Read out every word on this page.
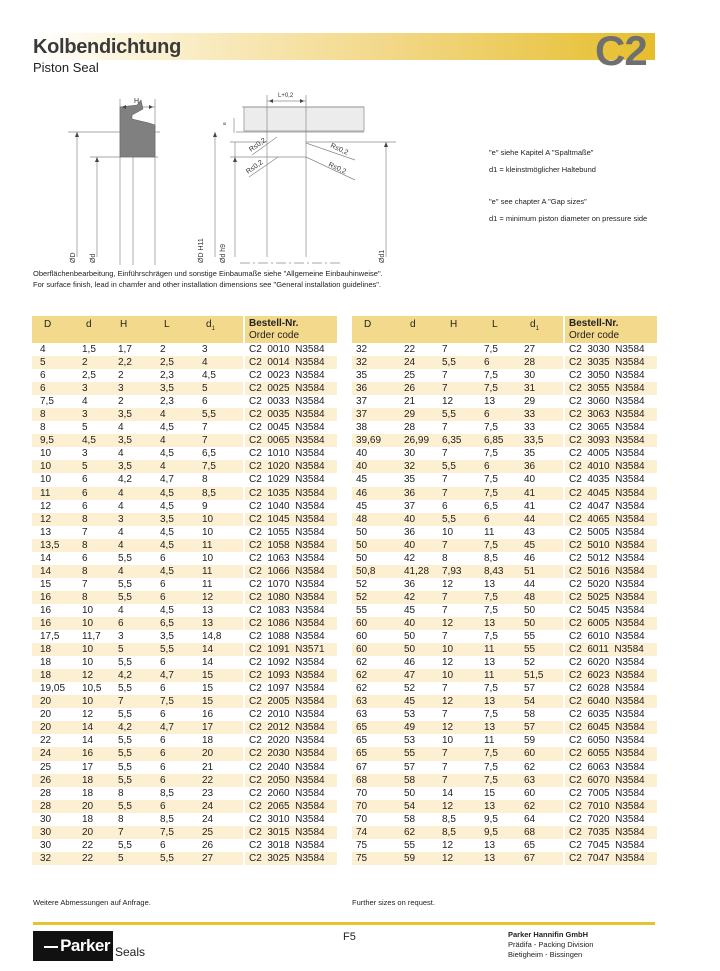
Kolbendichtung
Piston Seal	C2
H
L+0,2
e
R≤0,2
R≤0,2
R≤0,2
R≤0,2
ØD Ød	ØD H11 Ød h9	Ød1

"e" siehe Kapitel A "Spaltmaße"

d1 = kleinstmöglicher Haltebund

"e" see chapter A "Gap sizes"

d1 = minimum piston diameter on pressure side

Oberflächenbearbeitung, Einführschrägen und sonstige Einbaumaße siehe "Allgemeine Einbauhinweise".
For surface finish, lead in chamfer and other installation dimensions see "General installation guidelines".
D	d	H	L	$d_1$	Bestell-Nr.
Order code
4	1,5	1,7	2	3	C2  0010  N3584
5	2	2,2	2,5	4	C2  0014  N3584
6	2,5	2	2,3	4,5	C2  0023  N3584
6	3	3	3,5	5	C2  0025  N3584
7,5	4	2	2,3	6	C2  0033  N3584
8	3	3,5	4	5,5	C2  0035  N3584
8	5	4	4,5	7	C2  0045  N3584
9,5	4,5	3,5	4	7	C2  0065  N3584
10	3	4	4,5	6,5	C2  1010  N3584
10	5	3,5	4	7,5	C2  1020  N3584
10	6	4,2	4,7	8	C2  1029  N3584
11	6	4	4,5	8,5	C2  1035  N3584
12	6	4	4,5	9	C2  1040  N3584
12	8	3	3,5	10	C2  1045  N3584
13	7	4	4,5	10	C2  1055  N3584
13,5	8	4	4,5	11	C2  1058  N3584
14	6	5,5	6	10	C2  1063  N3584
14	8	4	4,5	11	C2  1066  N3584
15	7	5,5	6	11	C2  1070  N3584
16	8	5,5	6	12	C2  1080  N3584
16	10	4	4,5	13	C2  1083  N3584
16	10	6	6,5	13	C2  1086  N3584
17,5	11,7	3	3,5	14,8	C2  1088  N3584
18	10	5	5,5	14	C2  1091  N3571
18	10	5,5	6	14	C2  1092  N3584
18	12	4,2	4,7	15	C2  1093  N3584
19,05	10,5	5,5	6	15	C2  1097  N3584
20	10	7	7,5	15	C2  2005  N3584
20	12	5,5	6	16	C2  2010  N3584
20	14	4,2	4,7	17	C2  2012  N3584
22	14	5,5	6	18	C2  2020  N3584
24	16	5,5	6	20	C2  2030  N3584
25	17	5,5	6	21	C2  2040  N3584
26	18	5,5	6	22	C2  2050  N3584
28	18	8	8,5	23	C2  2060  N3584
28	20	5,5	6	24	C2  2065  N3584
30	18	8	8,5	24	C2  3010  N3584
30	20	7	7,5	25	C2  3015  N3584
30	22	5,5	6	26	C2  3018  N3584
32	22	5	5,5	27	C2  3025  N3584
D	d	H	L	$d_1$	Bestell-Nr.
Order code
32	22	7	7,5	27	C2  3030  N3584
32	24	5,5	6	28	C2  3035  N3584
35	25	7	7,5	30	C2  3050  N3584
36	26	7	7,5	31	C2  3055  N3584
37	21	12	13	29	C2  3060  N3584
37	29	5,5	6	33	C2  3063  N3584
38	28	7	7,5	33	C2  3065  N3584
39,69	26,99	6,35	6,85	33,5	C2  3093  N3584
40	30	7	7,5	35	C2  4005  N3584
40	32	5,5	6	36	C2  4010  N3584
45	35	7	7,5	40	C2  4035  N3584
46	36	7	7,5	41	C2  4045  N3584
45	37	6	6,5	41	C2  4047  N3584
48	40	5,5	6	44	C2  4065  N3584
50	36	10	11	43	C2  5005  N3584
50	40	7	7,5	45	C2  5010  N3584
50	42	8	8,5	46	C2  5012  N3584
50,8	41,28	7,93	8,43	51	C2  5016  N3584
52	36	12	13	44	C2  5020  N3584
52	42	7	7,5	48	C2  5025  N3584
55	45	7	7,5	50	C2  5045  N3584
60	40	12	13	50	C2  6005  N3584
60	50	7	7,5	55	C2  6010  N3584
60	50	10	11	55	C2  6011  N3584
62	46	12	13	52	C2  6020  N3584
62	47	10	11	51,5	C2  6023  N3584
62	52	7	7,5	57	C2  6028  N3584
63	45	12	13	54	C2  6040  N3584
63	53	7	7,5	58	C2  6035  N3584
65	49	12	13	57	C2  6045  N3584
65	53	10	11	59	C2  6050  N3584
65	55	7	7,5	60	C2  6055  N3584
67	57	7	7,5	62	C2  6063  N3584
68	58	7	7,5	63	C2  6070  N3584
70	50	14	15	60	C2  7005  N3584
70	54	12	13	62	C2  7010  N3584
70	58	8,5	9,5	64	C2  7020  N3584
74	62	8,5	9,5	68	C2  7035  N3584
75	55	12	13	65	C2  7045  N3584
75	59	12	13	67	C2  7047  N3584
Weitere Abmessungen auf Anfrage.	Further sizes on request.
Parker Seals
F5	Parker Hannifin GmbH
Prädifa - Packing Division
Bietigheim - Bissingen
